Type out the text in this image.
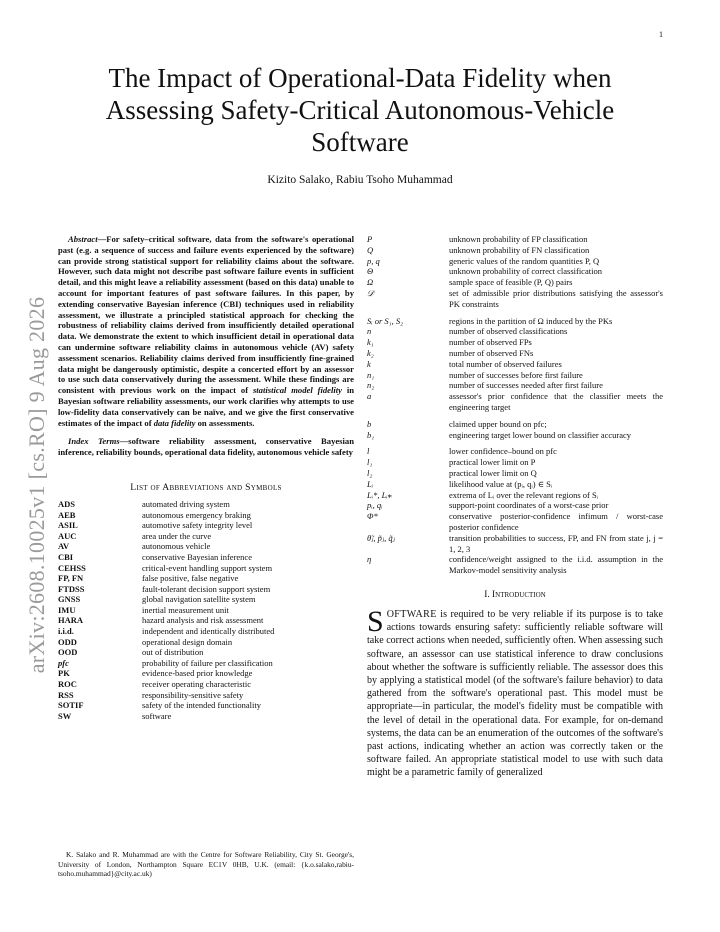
1
arXiv:2608.10025v1 [cs.RO] 9 Aug 2026
The Impact of Operational-Data Fidelity when Assessing Safety-Critical Autonomous-Vehicle Software
Kizito Salako, Rabiu Tsoho Muhammad

Abstract—For safety–critical software, data from the software's operational past (e.g. a sequence of success and failure events experienced by the software) can provide strong statistical support for reliability claims about the software. However, such data might not describe past software failure events in sufficient detail, and this might leave a reliability assessment (based on this data) unable to account for important features of past software failures. In this paper, by extending conservative Bayesian inference (CBI) techniques used in reliability assessment, we illustrate a principled statistical approach for checking the robustness of reliability claims derived from insufficiently detailed operational data. We demonstrate the extent to which insufficient detail in operational data can undermine software reliability claims in autonomous vehicle (AV) safety assessment scenarios. Reliability claims derived from insufficiently fine-grained data might be dangerously optimistic, despite a concerted effort by an assessor to use such data conservatively during the assessment. While these findings are consistent with previous work on the impact of statistical model fidelity in Bayesian software reliability assessments, our work clarifies why attempts to use low-fidelity data conservatively can be naïve, and we give the first conservative estimates of the impact of data fidelity on assessments.

Index Terms—software reliability assessment, conservative Bayesian inference, reliability bounds, operational data fidelity, autonomous vehicle safety

List of Abbreviations and Symbols
ADS	automated driving system
AEB	autonomous emergency braking
ASIL	automotive safety integrity level
AUC	area under the curve
AV	autonomous vehicle
CBI	conservative Bayesian inference
CEHSS	critical-event handling support system
FP, FN	false positive, false negative
FTDSS	fault-tolerant decision support system
GNSS	global navigation satellite system
IMU	inertial measurement unit
HARA	hazard analysis and risk assessment
i.i.d.	independent and identically distributed
ODD	operational design domain
OOD	out of distribution
pfc	probability of failure per classification
PK	evidence-based prior knowledge
ROC	receiver operating characteristic
RSS	responsibility-sensitive safety
SOTIF	safety of the intended functionality
SW	software

K. Salako and R. Muhammad are with the Centre for Software Reliability, City St. George's, University of London, Northampton Square EC1V 0HB, U.K. (email: {k.o.salako,rabiu-tsoho.muhammad}@city.ac.uk)

P	unknown probability of FP classification
Q	unknown probability of FN classification
p, q	generic values of the random quantities P, Q
Θ	unknown probability of correct classification
Ω	sample space of feasible (P, Q) pairs
𝒟	set of admissible prior distributions satisfying the assessor's PK constraints
Sᵢ or S₁, S₂	regions in the partition of Ω induced by the PKs
n	number of observed classifications
k₁	number of observed FPs
k₂	number of observed FNs
k	total number of observed failures
n₁	number of successes before first failure
n₂	number of successes needed after first failure
a	assessor's prior confidence that the classifier meets the engineering target
b	claimed upper bound on pfc;
b₁	engineering target lower bound on classifier accuracy
l	lower confidence–bound on pfc
l₁	practical lower limit on P
l₂	practical lower limit on Q
Lᵢ	likelihood value at (pᵢ, qᵢ) ∈ Sᵢ
Lᵢ*, Lᵢ⁎	extrema of Lᵢ over the relevant regions of Sᵢ
pᵢ, qᵢ	support-point coordinates of a worst-case prior
Φ*	conservative posterior-confidence infimum / worst-case posterior confidence
θ̃ⱼ, p̃ⱼ, q̃ⱼ	transition probabilities to success, FP, and FN from state j, j = 1, 2, 3
η	confidence/weight assigned to the i.i.d. assumption in the Markov-model sensitivity analysis
I. Introduction

SOFTWARE is required to be very reliable if its purpose is to take actions towards ensuring safety: sufficiently reliable software will take correct actions when needed, sufficiently often. When assessing such software, an assessor can use statistical inference to draw conclusions about whether the software is sufficiently reliable. The assessor does this by applying a statistical model (of the software's failure behavior) to data gathered from the software's operational past. This model must be appropriate—in particular, the model's fidelity must be compatible with the level of detail in the operational data. For example, for on-demand systems, the data can be an enumeration of the outcomes of the software's past actions, indicating whether an action was correctly taken or the software failed. An appropriate statistical model to use with such data might be a parametric family of generalized
